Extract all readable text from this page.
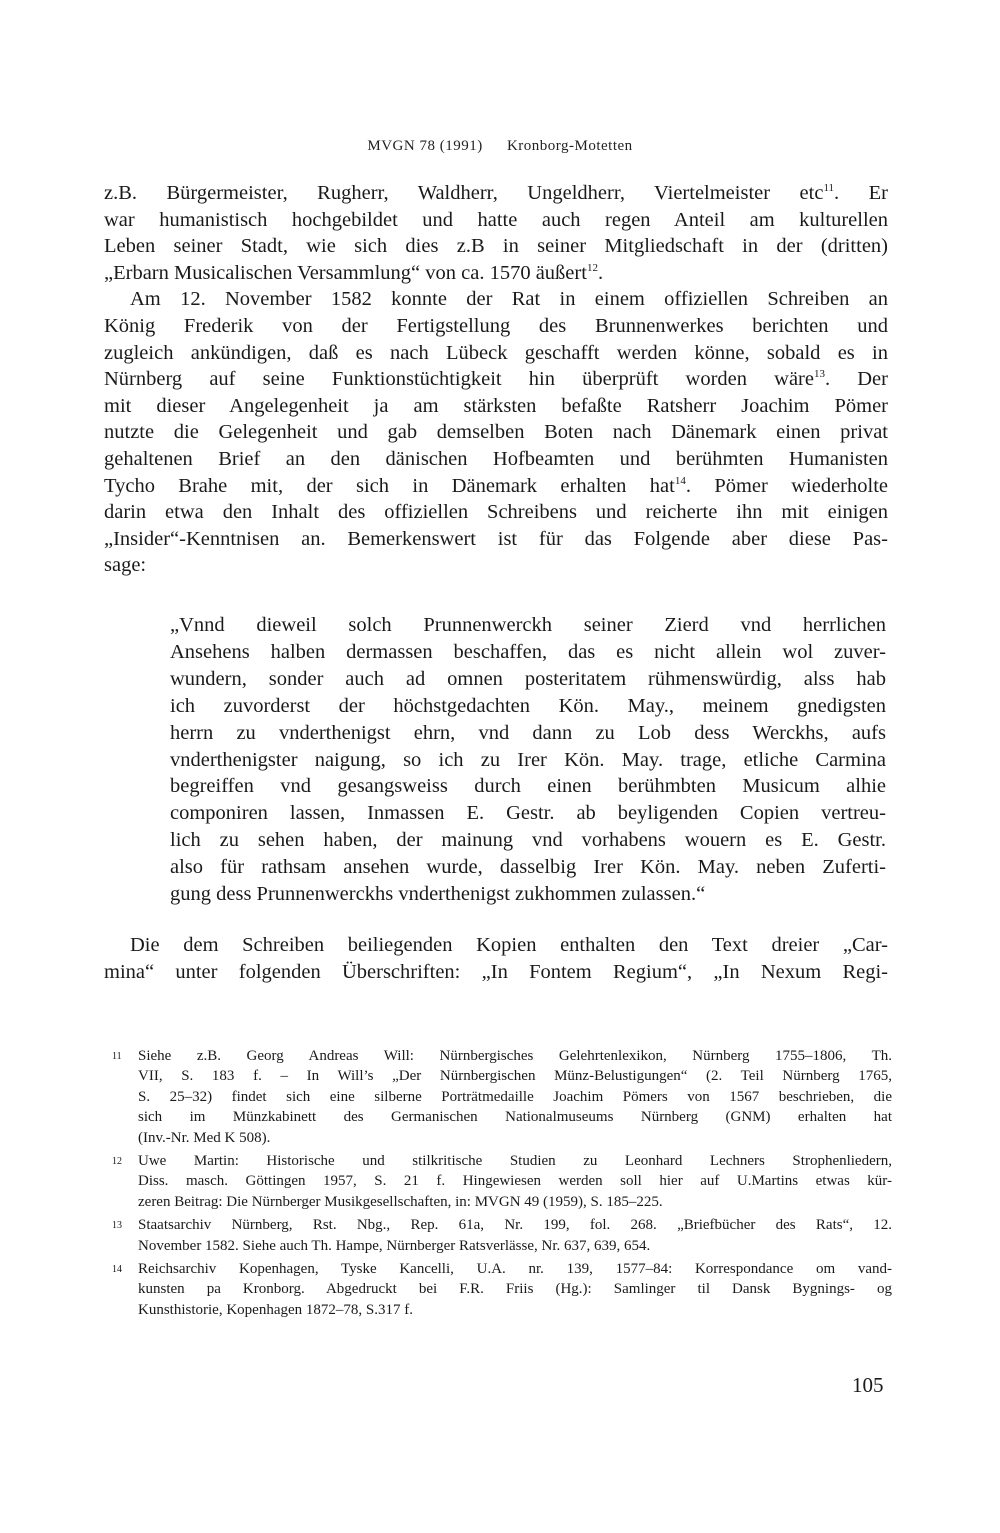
MVGN 78 (1991) Kronborg-Motetten
z.B. Bürgermeister, Rugherr, Waldherr, Ungeldherr, Viertelmeister etc$^{11}$. Er
war humanistisch hochgebildet und hatte auch regen Anteil am kulturellen
Leben seiner Stadt, wie sich dies z.B in seiner Mitgliedschaft in der (dritten)
„Erbarn Musicalischen Versammlung“ von ca. 1570 äußert$^{12}$.
Am 12. November 1582 konnte der Rat in einem offiziellen Schreiben an
König Frederik von der Fertigstellung des Brunnenwerkes berichten und
zugleich ankündigen, daß es nach Lübeck geschafft werden könne, sobald es in
Nürnberg auf seine Funktionstüchtigkeit hin überprüft worden wäre$^{13}$. Der
mit dieser Angelegenheit ja am stärksten befaßte Ratsherr Joachim Pömer
nutzte die Gelegenheit und gab demselben Boten nach Dänemark einen privat
gehaltenen Brief an den dänischen Hofbeamten und berühmten Humanisten
Tycho Brahe mit, der sich in Dänemark erhalten hat$^{14}$. Pömer wiederholte
darin etwa den Inhalt des offiziellen Schreibens und reicherte ihn mit einigen
„Insider“-Kenntnisen an. Bemerkenswert ist für das Folgende aber diese Pas-
sage:
„Vnnd dieweil solch Prunnenwerckh seiner Zierd vnd herrlichen
Ansehens halben dermassen beschaffen, das es nicht allein wol zuver-
wundern, sonder auch ad omnen posteritatem rühmenswürdig, alss hab
ich zuvorderst der höchstgedachten Kön. May., meinem gnedigsten
herrn zu vnderthenigst ehrn, vnd dann zu Lob dess Werckhs, aufs
vnderthenigster naigung, so ich zu Irer Kön. May. trage, etliche Carmina
begreiffen vnd gesangsweiss durch einen berühmbten Musicum alhie
componiren lassen, Inmassen E. Gestr. ab beyligenden Copien vertreu-
lich zu sehen haben, der mainung vnd vorhabens wouern es E. Gestr.
also für rathsam ansehen wurde, dasselbig Irer Kön. May. neben Zuferti-
gung dess Prunnenwerckhs vnderthenigst zukhommen zulassen.“
Die dem Schreiben beiliegenden Kopien enthalten den Text dreier „Car-
mina“ unter folgenden Überschriften: „In Fontem Regium“, „In Nexum Regi-
11 Siehe z.B. Georg Andreas Will: Nürnbergisches Gelehrtenlexikon, Nürnberg 1755–1806, Th.
VII, S. 183 f. – In Will’s „Der Nürnbergischen Münz-Belustigungen“ (2. Teil Nürnberg 1765,
S. 25–32) findet sich eine silberne Porträtmedaille Joachim Pömers von 1567 beschrieben, die
sich im Münzkabinett des Germanischen Nationalmuseums Nürnberg (GNM) erhalten hat
(Inv.-Nr. Med K 508).
12 Uwe Martin: Historische und stilkritische Studien zu Leonhard Lechners Strophenliedern,
Diss. masch. Göttingen 1957, S. 21 f. Hingewiesen werden soll hier auf U.Martins etwas kür-
zeren Beitrag: Die Nürnberger Musikgesellschaften, in: MVGN 49 (1959), S. 185–225.
13 Staatsarchiv Nürnberg, Rst. Nbg., Rep. 61a, Nr. 199, fol. 268. „Briefbücher des Rats“, 12.
November 1582. Siehe auch Th. Hampe, Nürnberger Ratsverlässe, Nr. 637, 639, 654.
14 Reichsarchiv Kopenhagen, Tyske Kancelli, U.A. nr. 139, 1577–84: Korrespondance om vand-
kunsten pa Kronborg. Abgedruckt bei F.R. Friis (Hg.): Samlinger til Dansk Bygnings- og
Kunsthistorie, Kopenhagen 1872–78, S.317 f.
105
